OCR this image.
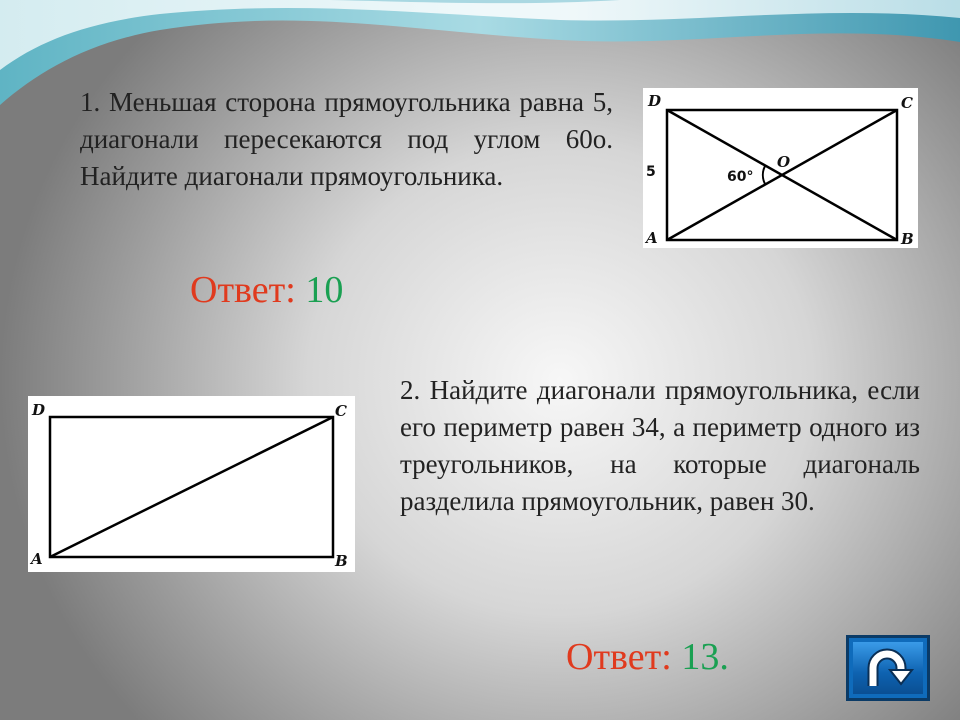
1. Меньшая сторона прямоугольника равна 5, диагонали пересекаются под углом 60о. Найдите диагонали прямоугольника.

D	C
A	B
O
5	60°
Ответ: 10
D	C
A	B

2. Найдите диагонали прямоугольника, если его периметр равен 34, а периметр одного из треугольников, на которые диагональ разделила прямоугольник, равен 30.

Ответ: 13.
